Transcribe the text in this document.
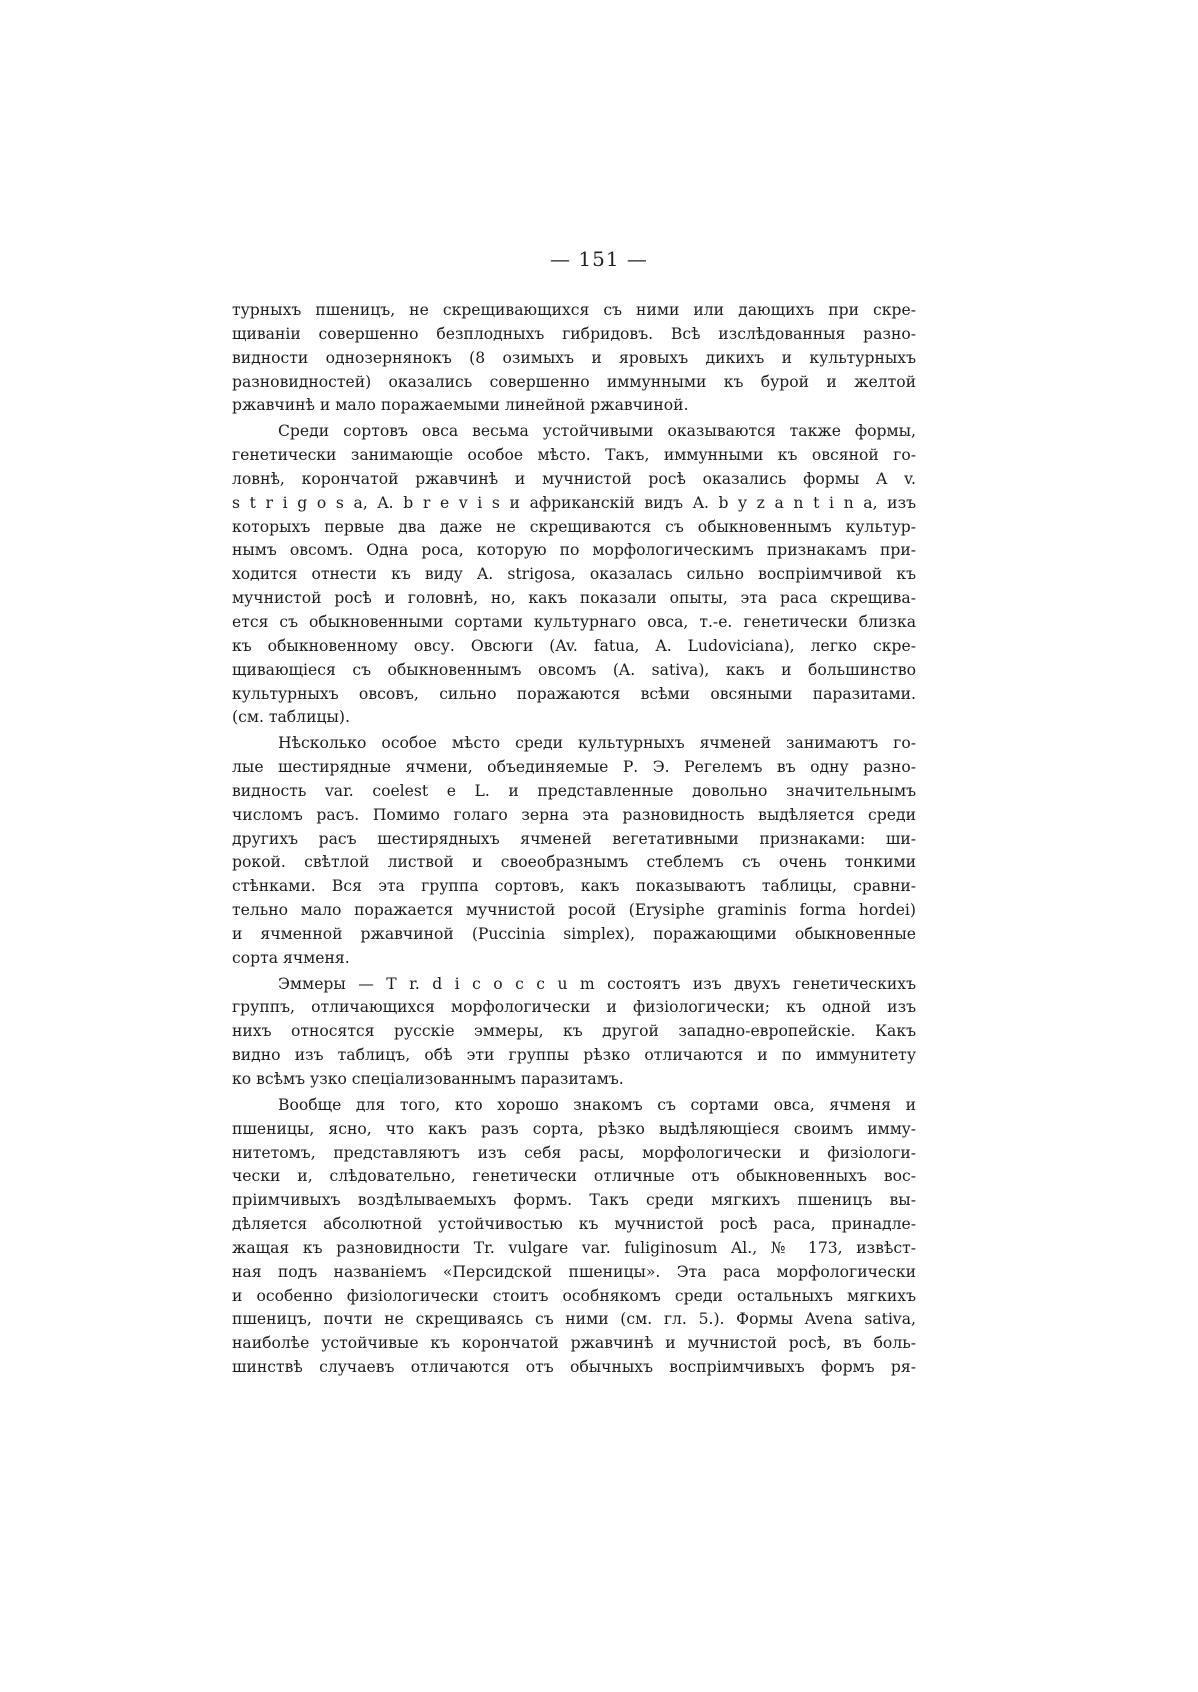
— 151 —
турныхъ пшеницъ, не скрещивающихся съ ними или дающихъ при скре-
щиваніи совершенно безплодныхъ гибридовъ. Всѣ изслѣдованныя разно-
видности однозернянокъ (8 озимыхъ и яровыхъ дикихъ и культурныхъ
разновидностей) оказались совершенно иммунными къ бурой и желтой
ржавчинѣ и мало поражаемыми линейной ржавчиной.
Среди сортовъ овса весьма устойчивыми оказываются также формы,
генетически занимающіе особое мѣсто. Такъ, иммунными къ овсяной го-
ловнѣ, корончатой ржавчинѣ и мучнистой росѣ оказались формы A v.
s t r i g o s a, A. b r e v i s и африканскій видъ A. b y z a n t i n a, изъ
которыхъ первые два даже не скрещиваются съ обыкновеннымъ культур-
нымъ овсомъ. Одна роса, которую по морфологическимъ признакамъ при-
ходится отнести къ виду A. strigosa, оказалась сильно воспріимчивой къ
мучнистой росѣ и головнѣ, но, какъ показали опыты, эта раса скрещива-
ется съ обыкновенными сортами культурнаго овса, т.-е. генетически близка
къ обыкновенному овсу. Овсюги (Av. fatua, A. Ludoviciana), легко скре-
щивающіеся съ обыкновеннымъ овсомъ (A. sativa), какъ и большинство
культурныхъ овсовъ, сильно поражаются всѣми овсяными паразитами.
(см. таблицы).
Нѣсколько особое мѣсто среди культурныхъ ячменей занимаютъ го-
лые шестирядные ячмени, объединяемые Р. Э. Регелемъ въ одну разно-
видность var. coelest e L. и представленные довольно значительнымъ
числомъ расъ. Помимо голаго зерна эта разновидность выдѣляется среди
другихъ расъ шестирядныхъ ячменей вегетативными признаками: ши-
рокой. свѣтлой листвой и своеобразнымъ стеблемъ съ очень тонкими
стѣнками. Вся эта группа сортовъ, какъ показываютъ таблицы, сравни-
тельно мало поражается мучнистой росой (Erysiphe graminis forma hordei)
и ячменной ржавчиной (Puccinia simplex), поражающими обыкновенные
сорта ячменя.
Эммеры — T r. d i c o c c u m состоятъ изъ двухъ генетическихъ
группъ, отличающихся морфологически и физіологически; къ одной изъ
нихъ относятся русскіе эммеры, къ другой западно-европейскіе. Какъ
видно изъ таблицъ, обѣ эти группы рѣзко отличаются и по иммунитету
ко всѣмъ узко спеціализованнымъ паразитамъ.
Вообще для того, кто хорошо знакомъ съ сортами овса, ячменя и
пшеницы, ясно, что какъ разъ сорта, рѣзко выдѣляющіеся своимъ иммy-
нитетомъ, представляютъ изъ себя расы, морфологически и физіологи-
чески и, слѣдовательно, генетически отличные отъ обыкновенныхъ вос-
пріимчивыхъ воздѣлываемыхъ формъ. Такъ среди мягкихъ пшеницъ вы-
дѣляется абсолютной устойчивостью къ мучнистой росѣ раса, принадле-
жащая къ разновидности Tr. vulgare var. fuliginosum Al., № 173, извѣст-
ная подъ названіемъ «Персидской пшеницы». Эта раса морфологически
и особенно физіологически стоитъ особнякомъ среди остальныхъ мягкихъ
пшеницъ, почти не скрещиваясь съ ними (см. гл. 5.). Формы Avena sativa,
наиболѣе устойчивые къ корончатой ржавчинѣ и мучнистой росѣ, въ боль-
шинствѣ случаевъ отличаются отъ обычныхъ воспріимчивыхъ формъ ря-
